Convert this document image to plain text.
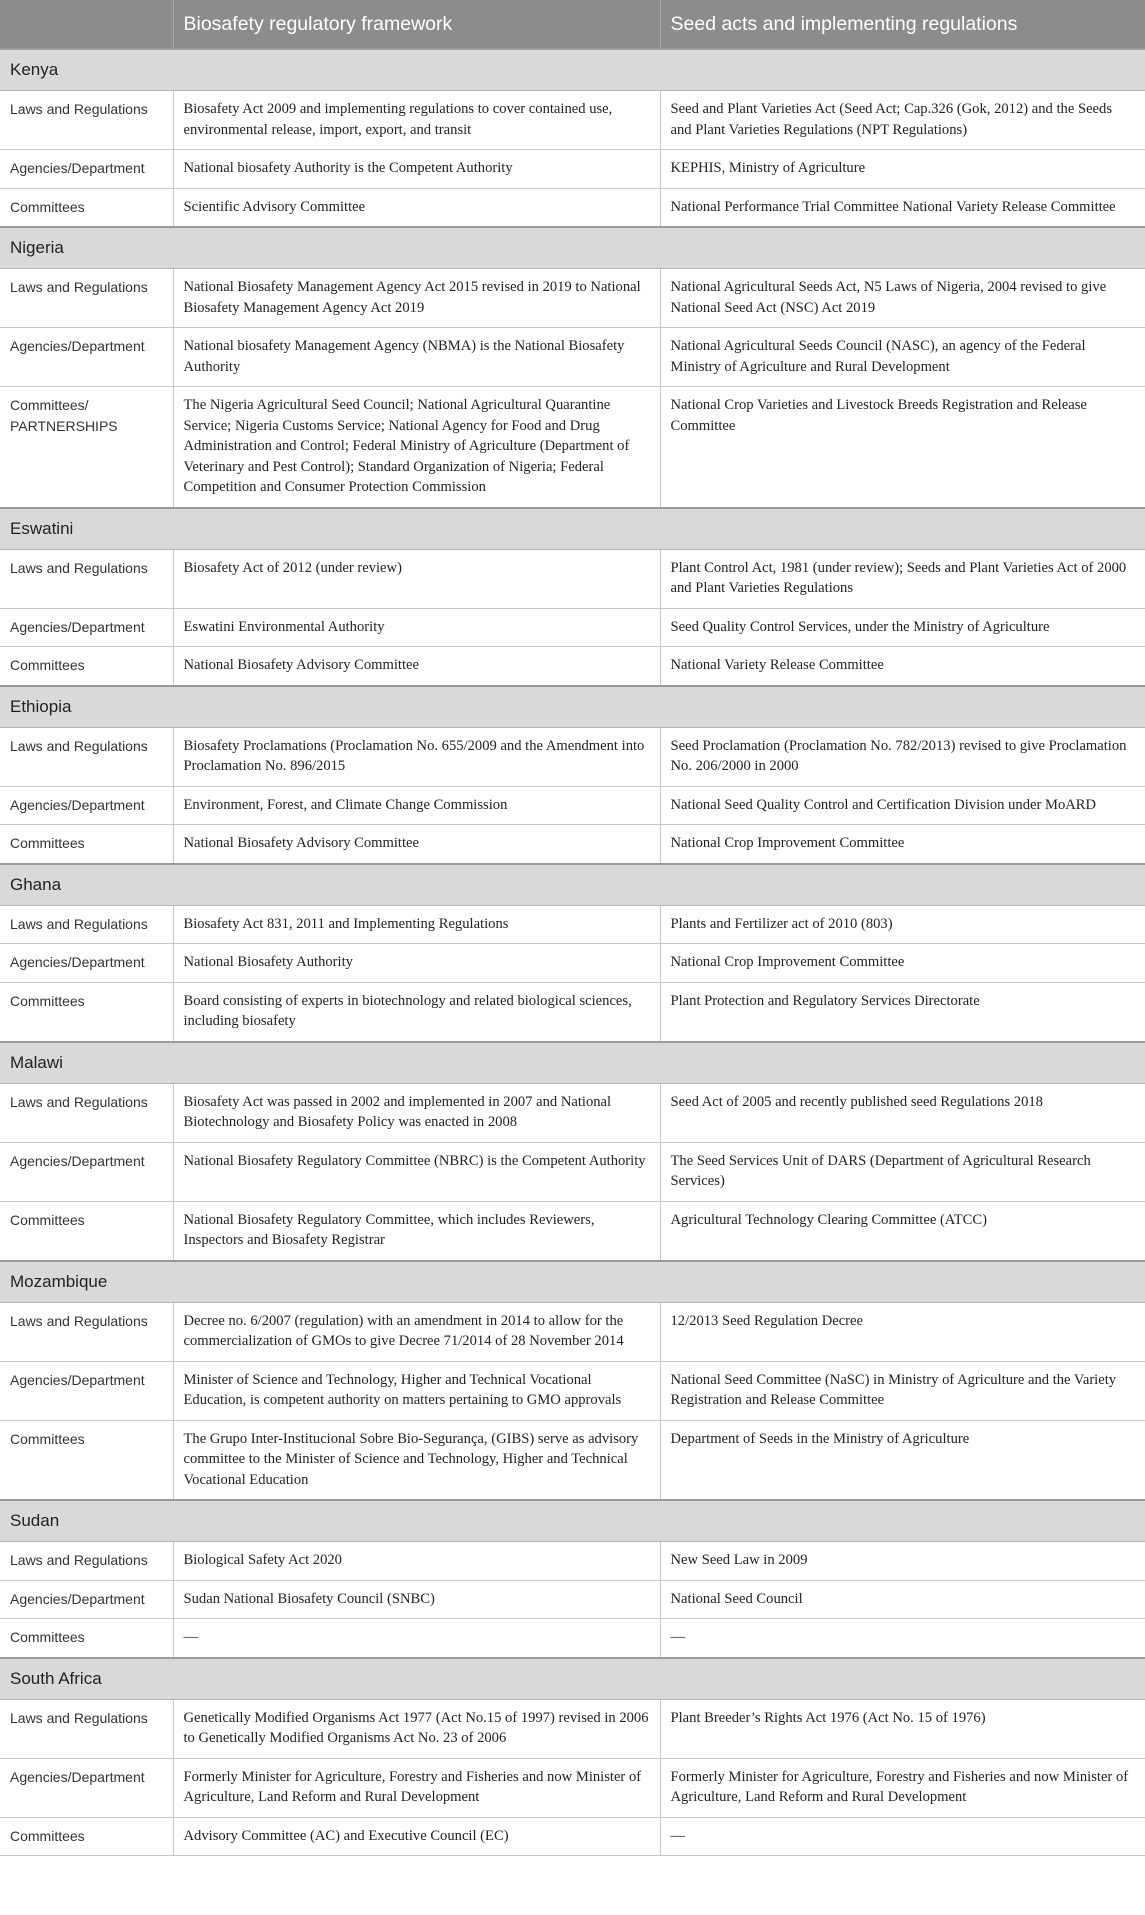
	Biosafety regulatory framework	Seed acts and implementing regulations
Kenya		
Laws and Regulations	Biosafety Act 2009 and implementing regulations to cover contained use, environmental release, import, export, and transit	Seed and Plant Varieties Act (Seed Act; Cap.326 (Gok, 2012) and the Seeds and Plant Varieties Regulations (NPT Regulations)
Agencies/Department	National biosafety Authority is the Competent Authority	KEPHIS, Ministry of Agriculture
Committees	Scientific Advisory Committee	National Performance Trial Committee National Variety Release Committee
Nigeria		
Laws and Regulations	National Biosafety Management Agency Act 2015 revised in 2019 to National Biosafety Management Agency Act 2019	National Agricultural Seeds Act, N5 Laws of Nigeria, 2004 revised to give National Seed Act (NSC) Act 2019
Agencies/Department	National biosafety Management Agency (NBMA) is the National Biosafety Authority	National Agricultural Seeds Council (NASC), an agency of the Federal Ministry of Agriculture and Rural Development
Committees/ PARTNERSHIPS	The Nigeria Agricultural Seed Council; National Agricultural Quarantine Service; Nigeria Customs Service; National Agency for Food and Drug Administration and Control; Federal Ministry of Agriculture (Department of Veterinary and Pest Control); Standard Organization of Nigeria; Federal Competition and Consumer Protection Commission	National Crop Varieties and Livestock Breeds Registration and Release Committee
Eswatini		
Laws and Regulations	Biosafety Act of 2012 (under review)	Plant Control Act, 1981 (under review); Seeds and Plant Varieties Act of 2000 and Plant Varieties Regulations
Agencies/Department	Eswatini Environmental Authority	Seed Quality Control Services, under the Ministry of Agriculture
Committees	National Biosafety Advisory Committee	National Variety Release Committee
Ethiopia		
Laws and Regulations	Biosafety Proclamations (Proclamation No. 655/2009 and the Amendment into Proclamation No. 896/2015	Seed Proclamation (Proclamation No. 782/2013) revised to give Proclamation No. 206/2000 in 2000
Agencies/Department	Environment, Forest, and Climate Change Commission	National Seed Quality Control and Certification Division under MoARD
Committees	National Biosafety Advisory Committee	National Crop Improvement Committee
Ghana		
Laws and Regulations	Biosafety Act 831, 2011 and Implementing Regulations	Plants and Fertilizer act of 2010 (803)
Agencies/Department	National Biosafety Authority	National Crop Improvement Committee
Committees	Board consisting of experts in biotechnology and related biological sciences, including biosafety	Plant Protection and Regulatory Services Directorate
Malawi		
Laws and Regulations	Biosafety Act was passed in 2002 and implemented in 2007 and National Biotechnology and Biosafety Policy was enacted in 2008	Seed Act of 2005 and recently published seed Regulations 2018
Agencies/Department	National Biosafety Regulatory Committee (NBRC) is the Competent Authority	The Seed Services Unit of DARS (Department of Agricultural Research Services)
Committees	National Biosafety Regulatory Committee, which includes Reviewers, Inspectors and Biosafety Registrar	Agricultural Technology Clearing Committee (ATCC)
Mozambique		
Laws and Regulations	Decree no. 6/2007 (regulation) with an amendment in 2014 to allow for the commercialization of GMOs to give Decree 71/2014 of 28 November 2014	12/2013 Seed Regulation Decree
Agencies/Department	Minister of Science and Technology, Higher and Technical Vocational Education, is competent authority on matters pertaining to GMO approvals	National Seed Committee (NaSC) in Ministry of Agriculture and the Variety Registration and Release Committee
Committees	The Grupo Inter-Institucional Sobre Bio-Segurança, (GIBS) serve as advisory committee to the Minister of Science and Technology, Higher and Technical Vocational Education	Department of Seeds in the Ministry of Agriculture
Sudan		
Laws and Regulations	Biological Safety Act 2020	New Seed Law in 2009
Agencies/Department	Sudan National Biosafety Council (SNBC)	National Seed Council
Committees	—	—
South Africa		
Laws and Regulations	Genetically Modified Organisms Act 1977 (Act No.15 of 1997) revised in 2006 to Genetically Modified Organisms Act No. 23 of 2006	Plant Breeder’s Rights Act 1976 (Act No. 15 of 1976)
Agencies/Department	Formerly Minister for Agriculture, Forestry and Fisheries and now Minister of Agriculture, Land Reform and Rural Development	Formerly Minister for Agriculture, Forestry and Fisheries and now Minister of Agriculture, Land Reform and Rural Development
Committees	Advisory Committee (AC) and Executive Council (EC)	—
